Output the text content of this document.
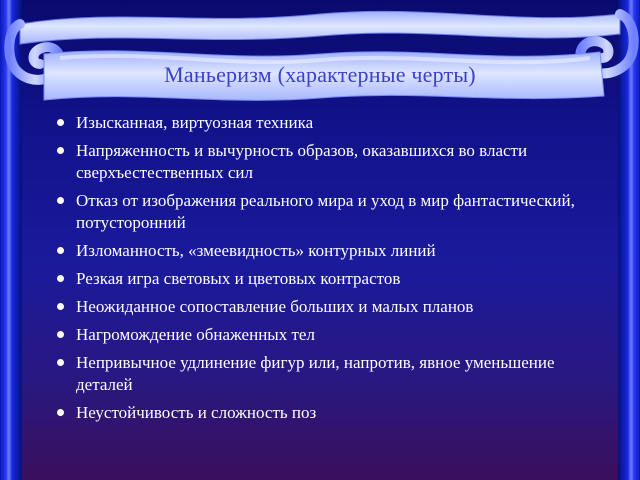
Маньеризм (характерные черты)
Изысканная, виртуозная техника
Напряженность и вычурность образов, оказавшихся во власти сверхъестественных сил
Отказ от изображения реального мира и уход в мир фантастический, потусторонний
Изломанность, «змеевидность» контурных линий
Резкая игра световых и цветовых контрастов
Неожиданное сопоставление больших и малых планов
Нагромождение обнаженных тел
Непривычное удлинение фигур или, напротив, явное уменьшение деталей
Неустойчивость и сложность поз
